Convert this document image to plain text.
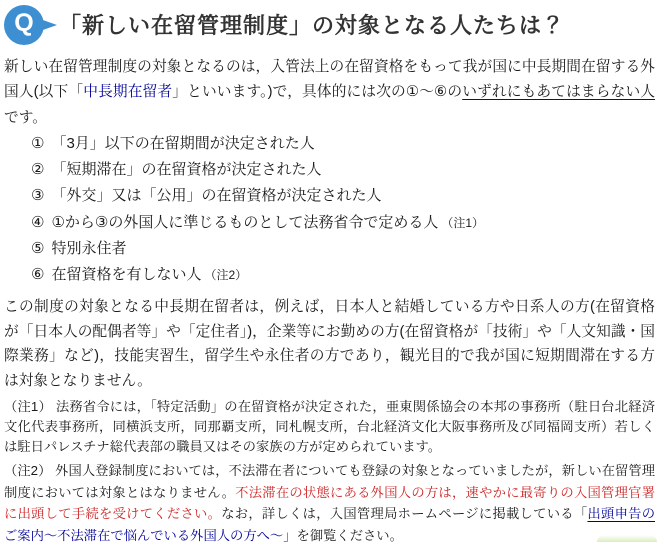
Q 「新しい在留管理制度」の対象となる人たちは？

新しい在留管理制度の対象となるのは，入管法上の在留資格をもって我が国に中長期間在留する外国人(以下「中長期在留者」といいます。)で，具体的には次の①～⑥のいずれにもあてはまらない人です。

① 「3月」以下の在留期間が決定された人
② 「短期滞在」の在留資格が決定された人
③ 「外交」又は「公用」の在留資格が決定された人
④ ①から③の外国人に準じるものとして法務省令で定める人 （注1）
⑤ 特別永住者
⑥ 在留資格を有しない人 （注2）

この制度の対象となる中長期在留者は，例えば，日本人と結婚している方や日系人の方(在留資格が「日本人の配偶者等」や「定住者」)，企業等にお勤めの方(在留資格が「技術」や「人文知識・国際業務」など)，技能実習生，留学生や永住者の方であり，観光目的で我が国に短期間滞在する方は対象となりません。

（注1） 法務省令には，「特定活動」の在留資格が決定された，亜東関係協会の本邦の事務所（駐日台北経済文化代表事務所，同横浜支所，同那覇支所，同札幌支所，台北経済文化大阪事務所及び同福岡支所）若しくは駐日パレスチナ総代表部の職員又はその家族の方が定められています。

（注2） 外国人登録制度においては，不法滞在者についても登録の対象となっていましたが，新しい在留管理制度においては対象とはなりません。不法滞在の状態にある外国人の方は，速やかに最寄りの入国管理官署に出頭して手続を受けてください。なお，詳しくは，入国管理局ホームページに掲載している「出頭申告のご案内～不法滞在で悩んでいる外国人の方へ～」を御覧ください。
